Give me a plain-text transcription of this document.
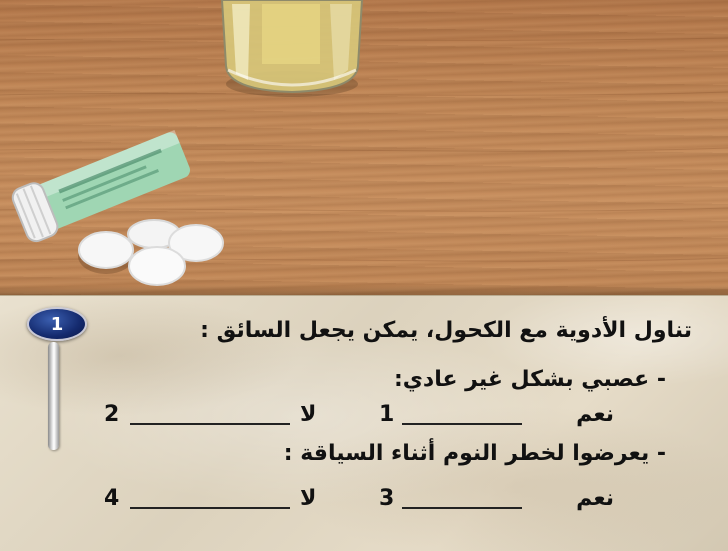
1	تناول الأدوية مع الكحول، يمكن يجعل السائق :
- عصبي بشكل غير عادي:
نعم
1
لا
2
- يعرضوا لخطر النوم أثناء السياقة :
نعم
3
لا
4
